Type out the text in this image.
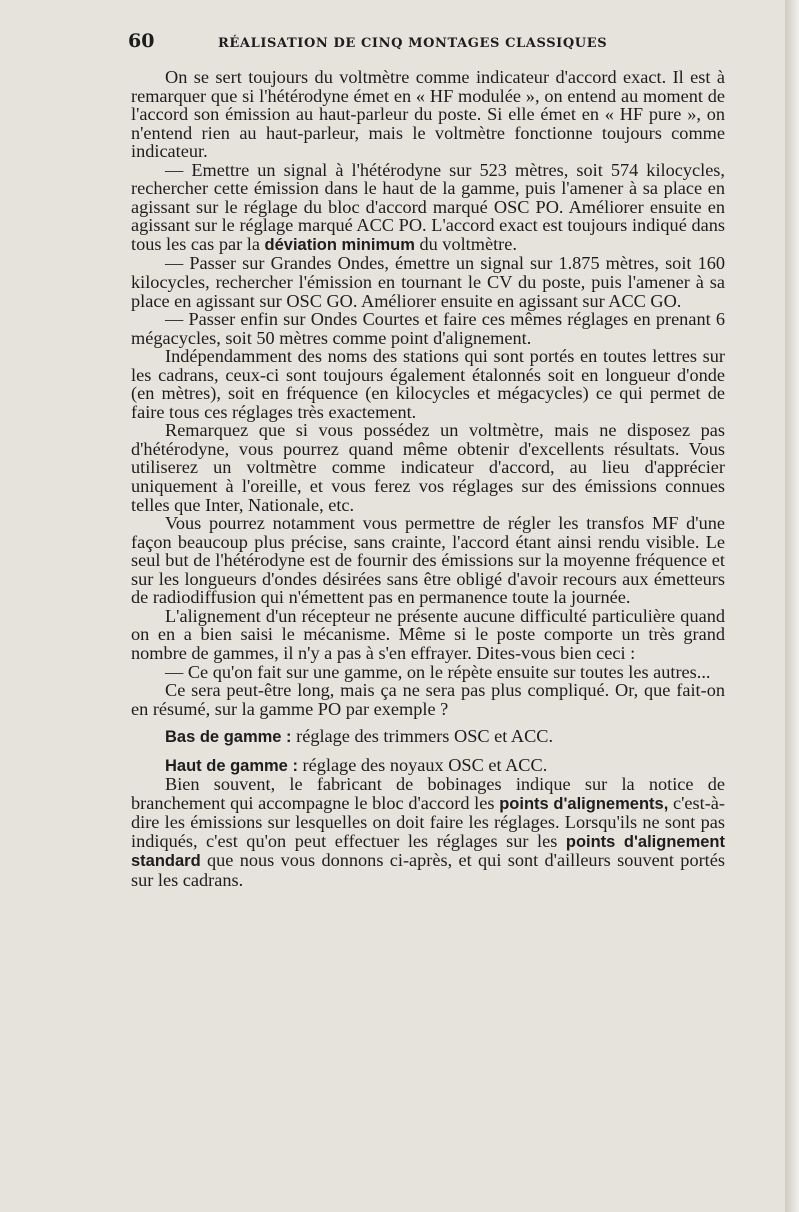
60	RÉALISATION DE CINQ MONTAGES CLASSIQUES

On se sert toujours du voltmètre comme indicateur d'accord exact. Il est à remarquer que si l'hétérodyne émet en « HF modulée », on entend au moment de l'accord son émission au haut-parleur du poste. Si elle émet en « HF pure », on n'entend rien au haut-parleur, mais le voltmètre fonctionne toujours comme indicateur.

— Emettre un signal à l'hétérodyne sur 523 mètres, soit 574 kilocycles, rechercher cette émission dans le haut de la gamme, puis l'amener à sa place en agissant sur le réglage du bloc d'accord marqué OSC PO. Améliorer ensuite en agissant sur le réglage marqué ACC PO. L'accord exact est toujours indiqué dans tous les cas par la déviation minimum du voltmètre.

— Passer sur Grandes Ondes, émettre un signal sur 1.875 mètres, soit 160 kilocycles, rechercher l'émission en tournant le CV du poste, puis l'amener à sa place en agissant sur OSC GO. Améliorer ensuite en agissant sur ACC GO.

— Passer enfin sur Ondes Courtes et faire ces mêmes réglages en prenant 6 mégacycles, soit 50 mètres comme point d'alignement.

Indépendamment des noms des stations qui sont portés en toutes lettres sur les cadrans, ceux-ci sont toujours également étalonnés soit en longueur d'onde (en mètres), soit en fréquence (en kilocycles et mégacycles) ce qui permet de faire tous ces réglages très exactement.

Remarquez que si vous possédez un voltmètre, mais ne disposez pas d'hétérodyne, vous pourrez quand même obtenir d'excellents résultats. Vous utiliserez un voltmètre comme indicateur d'accord, au lieu d'apprécier uniquement à l'oreille, et vous ferez vos réglages sur des émissions connues telles que Inter, Nationale, etc.

Vous pourrez notamment vous permettre de régler les transfos MF d'une façon beaucoup plus précise, sans crainte, l'accord étant ainsi rendu visible. Le seul but de l'hétérodyne est de fournir des émissions sur la moyenne fréquence et sur les longueurs d'ondes désirées sans être obligé d'avoir recours aux émetteurs de radiodiffusion qui n'émettent pas en permanence toute la journée.

L'alignement d'un récepteur ne présente aucune difficulté particulière quand on en a bien saisi le mécanisme. Même si le poste comporte un très grand nombre de gammes, il n'y a pas à s'en effrayer. Dites-vous bien ceci :

— Ce qu'on fait sur une gamme, on le répète ensuite sur toutes les autres...

Ce sera peut-être long, mais ça ne sera pas plus compliqué. Or, que fait-on en résumé, sur la gamme PO par exemple ?

Bas de gamme : réglage des trimmers OSC et ACC.

Haut de gamme : réglage des noyaux OSC et ACC.

Bien souvent, le fabricant de bobinages indique sur la notice de branchement qui accompagne le bloc d'accord les points d'alignements, c'est-à-dire les émissions sur lesquelles on doit faire les réglages. Lorsqu'ils ne sont pas indiqués, c'est qu'on peut effectuer les réglages sur les points d'alignement standard que nous vous donnons ci-après, et qui sont d'ailleurs souvent portés sur les cadrans.
